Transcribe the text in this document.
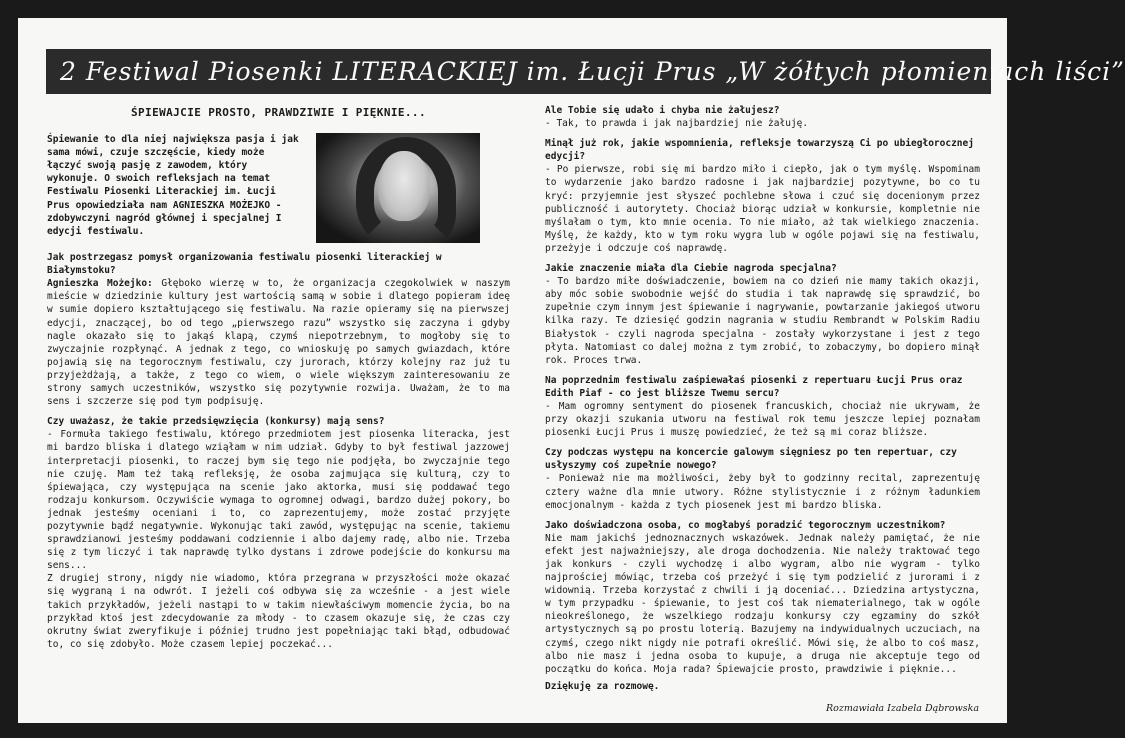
2 Festiwal Piosenki LITERACKIEJ im. Łucji Prus „W żółtych płomieniach liści”
ŚPIEWAJCIE PROSTO, PRAWDZIWIE I PIĘKNIE...
Śpiewanie to dla niej największa pasja i jak sama mówi, czuje szczęście, kiedy może łączyć swoją pasję z zawodem, który wykonuje. O swoich refleksjach na temat Festiwalu Piosenki Literackiej im. Łucji Prus opowiedziała nam AGNIESZKA MOŻEJKO - zdobywczyni nagród głównej i specjalnej I edycji festiwalu.
Jak postrzegasz pomysł organizowania festiwalu piosenki literackiej w Białymstoku?
Agnieszka Możejko: Głęboko wierzę w to, że organizacja czegokolwiek w naszym mieście w dziedzinie kultury jest wartością samą w sobie i dlatego popieram ideę w sumie dopiero kształtującego się festiwalu. Na razie opieramy się na pierwszej edycji, znaczącej, bo od tego „pierwszego razu” wszystko się zaczyna i gdyby nagle okazało się to jakąś klapą, czymś niepotrzebnym, to mogłoby się to zwyczajnie rozpłynąć. A jednak z tego, co wnioskuję po samych gwiazdach, które pojawią się na tegorocznym festiwalu, czy jurorach, którzy kolejny raz już tu przyjeżdżają, a także, z tego co wiem, o wiele większym zainteresowaniu ze strony samych uczestników, wszystko się pozytywnie rozwija. Uważam, że to ma sens i szczerze się pod tym podpisuję.
Czy uważasz, że takie przedsięwzięcia (konkursy) mają sens?

- Formuła takiego festiwalu, którego przedmiotem jest piosenka literacka, jest mi bardzo bliska i dlatego wziąłam w nim udział. Gdyby to był festiwal jazzowej interpretacji piosenki, to raczej bym się tego nie podjęła, bo zwyczajnie tego nie czuję. Mam też taką refleksję, że osoba zajmująca się kulturą, czy to śpiewająca, czy występująca na scenie jako aktorka, musi się poddawać tego rodzaju konkursom. Oczywiście wymaga to ogromnej odwagi, bardzo dużej pokory, bo jednak jesteśmy oceniani i to, co zaprezentujemy, może zostać przyjęte pozytywnie bądź negatywnie. Wykonując taki zawód, występując na scenie, takiemu sprawdzianowi jesteśmy poddawani codziennie i albo dajemy radę, albo nie. Trzeba się z tym liczyć i tak naprawdę tylko dystans i zdrowe podejście do konkursu ma sens...

Z drugiej strony, nigdy nie wiadomo, która przegrana w przyszłości może okazać się wygraną i na odwrót. I jeżeli coś odbywa się za wcześnie - a jest wiele takich przykładów, jeżeli nastąpi to w takim niewłaściwym momencie życia, bo na przykład ktoś jest zdecydowanie za młody - to czasem okazuje się, że czas czy okrutny świat zweryfikuje i później trudno jest popełniając taki błąd, odbudować to, co się zdobyło. Może czasem lepiej poczekać...

Ale Tobie się udało i chyba nie żałujesz?
- Tak, to prawda i jak najbardziej nie żałuję.
Minął już rok, jakie wspomnienia, refleksje towarzyszą Ci po ubiegłorocznej edycji?
- Po pierwsze, robi się mi bardzo miło i ciepło, jak o tym myślę. Wspominam to wydarzenie jako bardzo radosne i jak najbardziej pozytywne, bo co tu kryć: przyjemnie jest słyszeć pochlebne słowa i czuć się docenionym przez publiczność i autorytety. Chociaż biorąc udział w konkursie, kompletnie nie myślałam o tym, kto mnie ocenia. To nie miało, aż tak wielkiego znaczenia. Myślę, że każdy, kto w tym roku wygra lub w ogóle pojawi się na festiwalu, przeżyje i odczuje coś naprawdę.
Jakie znaczenie miała dla Ciebie nagroda specjalna?
- To bardzo miłe doświadczenie, bowiem na co dzień nie mamy takich okazji, aby móc sobie swobodnie wejść do studia i tak naprawdę się sprawdzić, bo zupełnie czym innym jest śpiewanie i nagrywanie, powtarzanie jakiegoś utworu kilka razy. Te dziesięć godzin nagrania w studiu Rembrandt w Polskim Radiu Białystok - czyli nagroda specjalna - zostały wykorzystane i jest z tego płyta. Natomiast co dalej można z tym zrobić, to zobaczymy, bo dopiero minął rok. Proces trwa.
Na poprzednim festiwalu zaśpiewałaś piosenki z repertuaru Łucji Prus oraz Edith Piaf - co jest bliższe Twemu sercu?
- Mam ogromny sentyment do piosenek francuskich, chociaż nie ukrywam, że przy okazji szukania utworu na festiwal rok temu jeszcze lepiej poznałam piosenki Łucji Prus i muszę powiedzieć, że też są mi coraz bliższe.
Czy podczas występu na koncercie galowym sięgniesz po ten repertuar, czy usłyszymy coś zupełnie nowego?
- Ponieważ nie ma możliwości, żeby był to godzinny recital, zaprezentuję cztery ważne dla mnie utwory. Różne stylistycznie i z różnym ładunkiem emocjonalnym - każda z tych piosenek jest mi bardzo bliska.
Jako doświadczona osoba, co mogłabyś poradzić tegorocznym uczestnikom?
Nie mam jakichś jednoznacznych wskazówek. Jednak należy pamiętać, że nie efekt jest najważniejszy, ale droga dochodzenia. Nie należy traktować tego jak konkurs - czyli wychodzę i albo wygram, albo nie wygram - tylko najprościej mówiąc, trzeba coś przeżyć i się tym podzielić z jurorami i z widownią. Trzeba korzystać z chwili i ją doceniać... Dziedzina artystyczna, w tym przypadku - śpiewanie, to jest coś tak niematerialnego, tak w ogóle nieokreślonego, że wszelkiego rodzaju konkursy czy egzaminy do szkół artystycznych są po prostu loterią. Bazujemy na indywidualnych uczuciach, na czymś, czego nikt nigdy nie potrafi określić. Mówi się, że albo to coś masz, albo nie masz i jedna osoba to kupuje, a druga nie akceptuje tego od początku do końca. Moja rada? Śpiewajcie prosto, prawdziwie i pięknie...
Dziękuję za rozmowę.
Rozmawiała Izabela Dąbrowska
